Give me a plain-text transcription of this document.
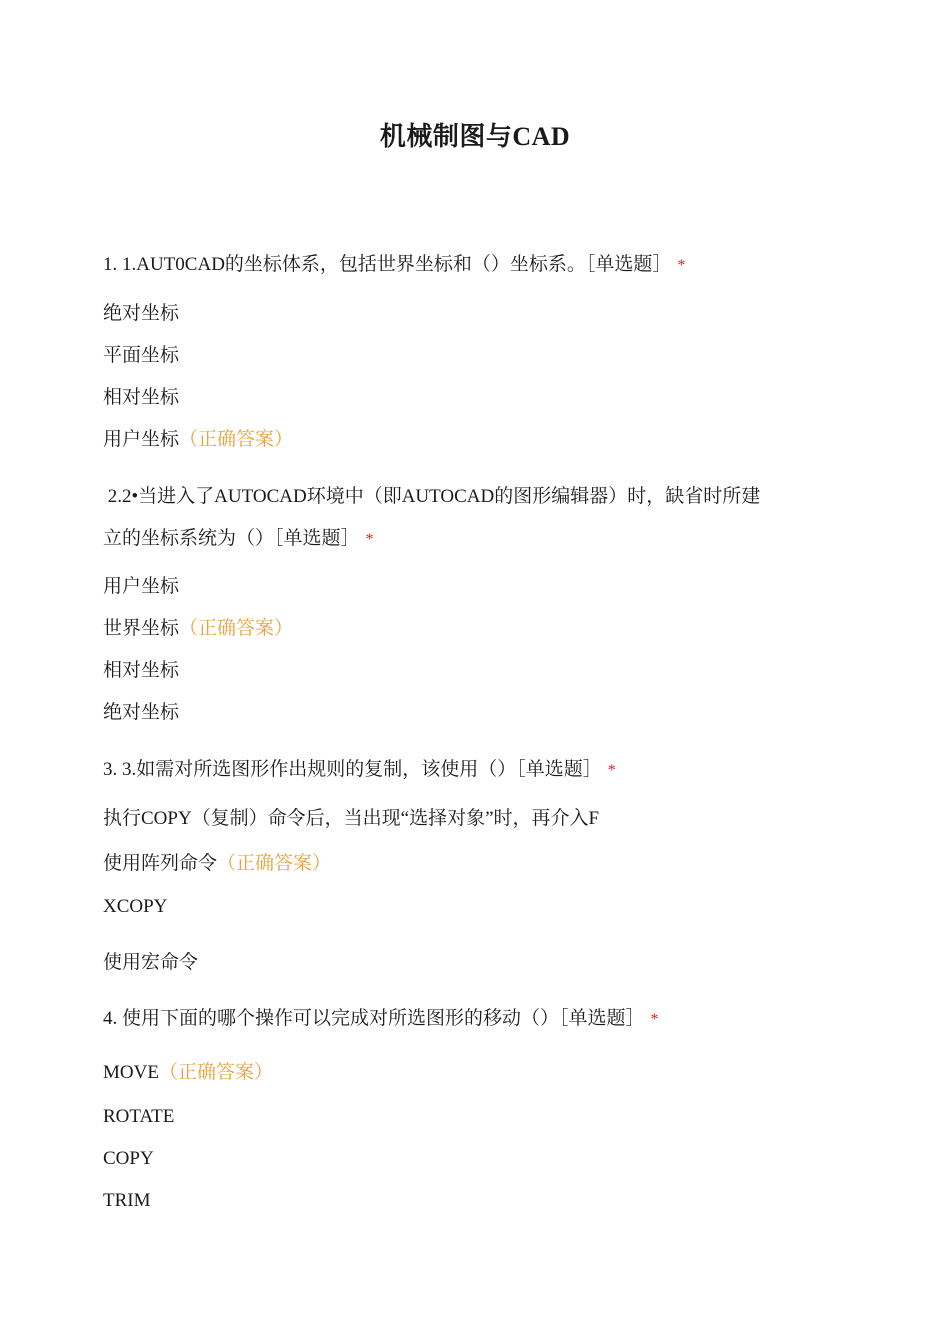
机械制图与CAD
1. 1.AUT0CAD的坐标体系，包括世界坐标和（）坐标系。［单选题］ *
绝对坐标
平面坐标
相对坐标
用户坐标（正确答案）
2.2•当进入了AUTOCAD环境中（即AUTOCAD的图形编辑器）时，缺省时所建
立的坐标系统为（）［单选题］ *
用户坐标
世界坐标（正确答案）
相对坐标
绝对坐标
3. 3.如需对所选图形作出规则的复制，该使用（）［单选题］ *
执行COPY（复制）命令后，当出现“选择对象”时，再介入F
使用阵列命令（正确答案）
XCOPY
使用宏命令
4. 使用下面的哪个操作可以完成对所选图形的移动（）［单选题］ *
MOVE（正确答案）
ROTATE
COPY
TRIM
